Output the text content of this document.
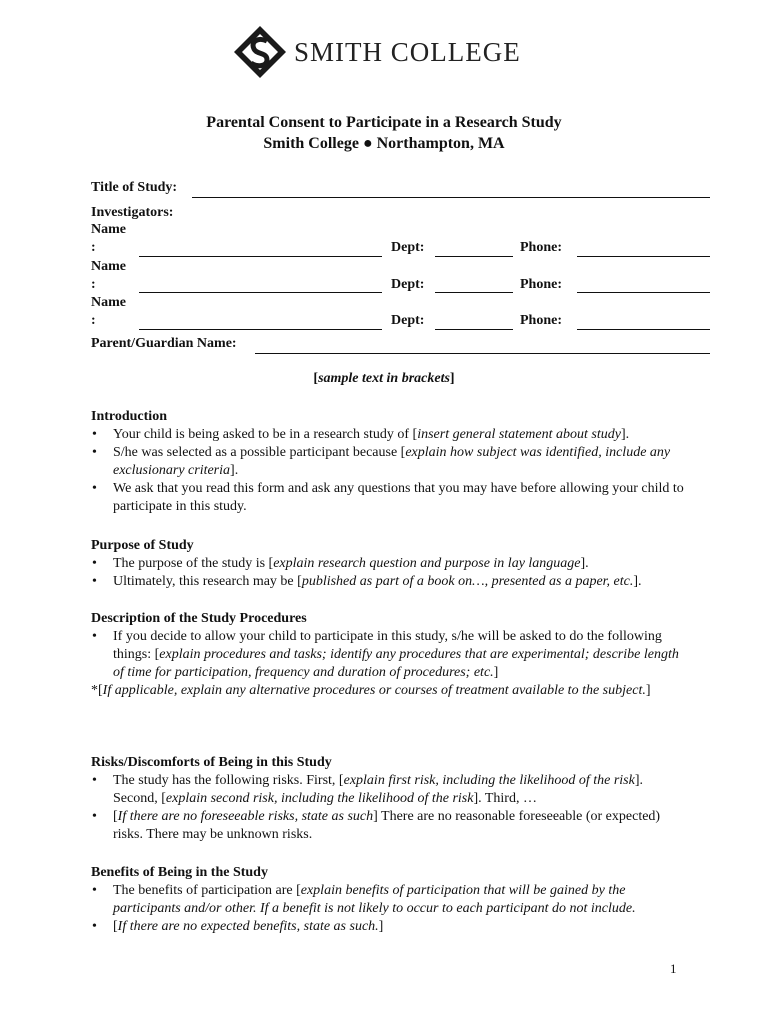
SMITH COLLEGE
Parental Consent to Participate in a Research Study
Smith College ● Northampton, MA
Title of Study:
Investigators:
Name
:	Dept:	Phone:
Name
:	Dept:	Phone:
Name
:	Dept:	Phone:
Parent/Guardian Name:
[sample text in brackets]
Introduction
• Your child is being asked to be in a research study of [insert general statement about study].
• S/he was selected as a possible participant because [explain how subject was identified, include any exclusionary criteria].
• We ask that you read this form and ask any questions that you may have before allowing your child to participate in this study.
Purpose of Study
• The purpose of the study is [explain research question and purpose in lay language].
• Ultimately, this research may be [published as part of a book on…, presented as a paper, etc.].
Description of the Study Procedures
• If you decide to allow your child to participate in this study, s/he will be asked to do the following things: [explain procedures and tasks; identify any procedures that are experimental; describe length of time for participation, frequency and duration of procedures; etc.]
*[If applicable, explain any alternative procedures or courses of treatment available to the subject.]
Risks/Discomforts of Being in this Study
• The study has the following risks. First, [explain first risk, including the likelihood of the risk]. Second, [explain second risk, including the likelihood of the risk]. Third, …
• [If there are no foreseeable risks, state as such] There are no reasonable foreseeable (or expected) risks. There may be unknown risks.
Benefits of Being in the Study
• The benefits of participation are [explain benefits of participation that will be gained by the participants and/or other. If a benefit is not likely to occur to each participant do not include.
• [If there are no expected benefits, state as such.]
1
